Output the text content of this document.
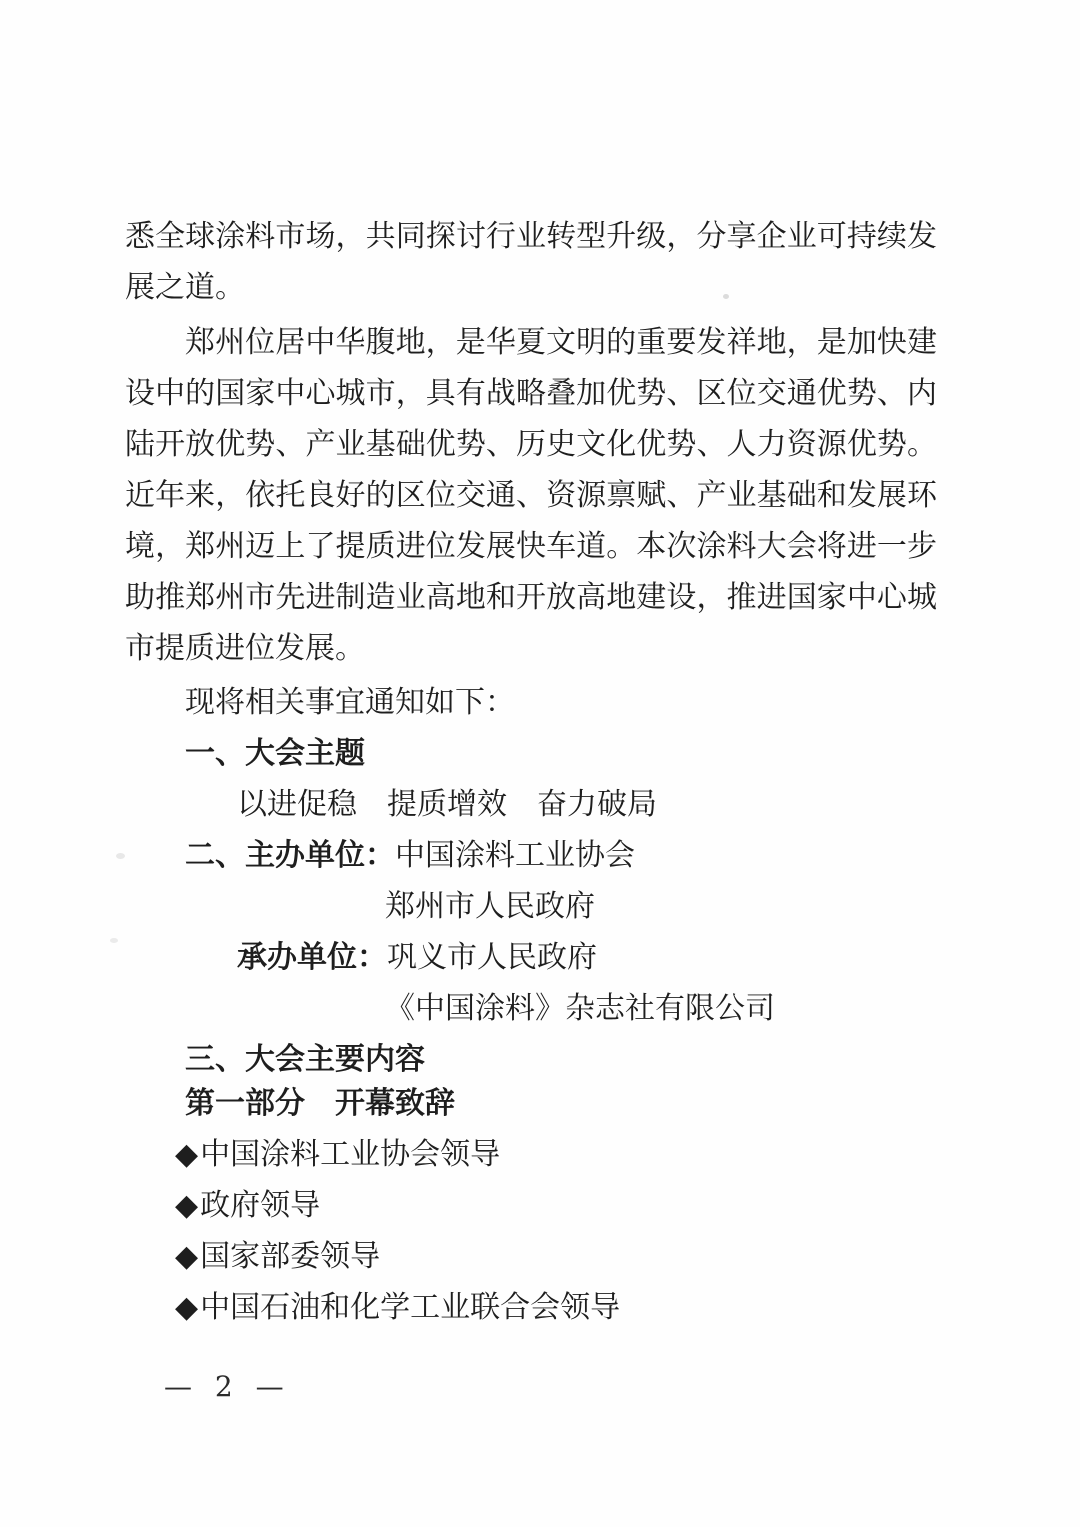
悉全球涂料市场，共同探讨行业转型升级，分享企业可持续发
展之道。
郑州位居中华腹地，是华夏文明的重要发祥地，是加快建
设中的国家中心城市，具有战略叠加优势、区位交通优势、内
陆开放优势、产业基础优势、历史文化优势、人力资源优势。
近年来，依托良好的区位交通、资源禀赋、产业基础和发展环
境，郑州迈上了提质进位发展快车道。本次涂料大会将进一步
助推郑州市先进制造业高地和开放高地建设，推进国家中心城
市提质进位发展。
现将相关事宜通知如下：
一、大会主题
以进促稳　提质增效　奋力破局
二、主办单位：中国涂料工业协会
郑州市人民政府
承办单位：巩义市人民政府
《中国涂料》杂志社有限公司
三、大会主要内容
第一部分　开幕致辞
◆中国涂料工业协会领导
◆政府领导
◆国家部委领导
◆中国石油和化学工业联合会领导
— 2 —
